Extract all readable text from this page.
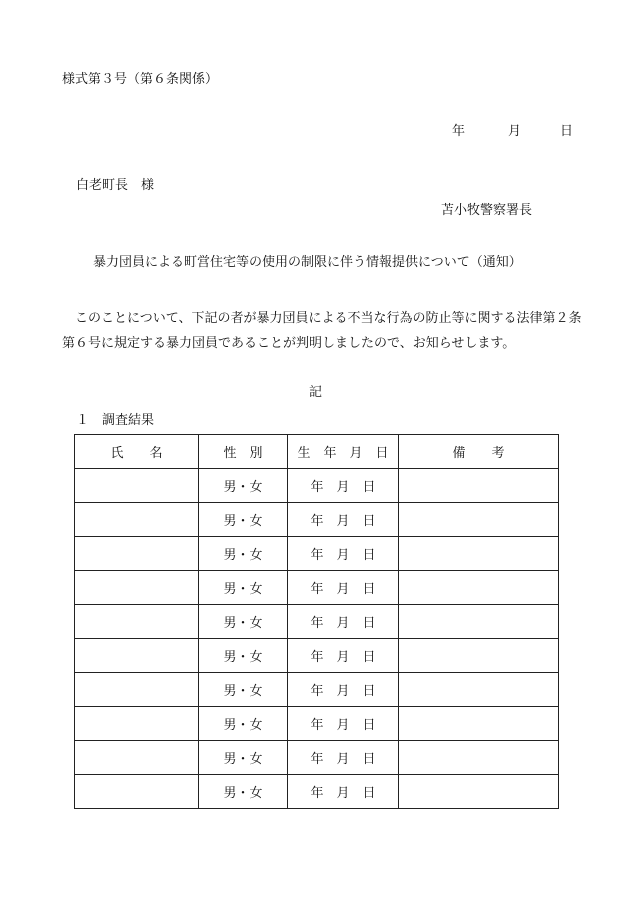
様式第３号（第６条関係）
年	月	日
白老町長　様
苫小牧警察署長
暴力団員による町営住宅等の使用の制限に伴う情報提供について（通知）
このことについて、下記の者が暴力団員による不当な行為の防止等に関する法律第２条第６号に規定する暴力団員であることが判明しましたので、お知らせします。
記
１　調査結果
氏　　名	性　別	生　年　月　日	備　　考
	男・女	年　月　日	
	男・女	年　月　日	
	男・女	年　月　日	
	男・女	年　月　日	
	男・女	年　月　日	
	男・女	年　月　日	
	男・女	年　月　日	
	男・女	年　月　日	
	男・女	年　月　日	
	男・女	年　月　日	
